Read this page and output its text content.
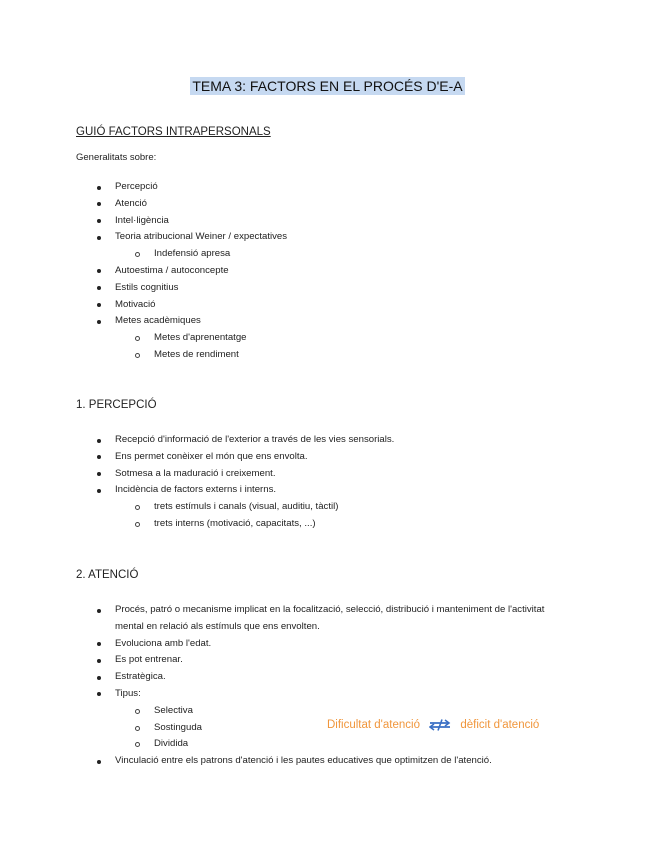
TEMA 3: FACTORS EN EL PROCÉS D'E-A
GUIÓ FACTORS INTRAPERSONALS
Generalitats sobre:
Percepció
Atenció
Intel·ligència
Teoria atribucional Weiner / expectatives
Indefensió apresa
Autoestima / autoconcepte
Estils cognitius
Motivació
Metes acadèmiques
Metes d'aprenentatge
Metes de rendiment
1. PERCEPCIÓ
Recepció d'informació de l'exterior a través de les vies sensorials.
Ens permet conèixer el món que ens envolta.
Sotmesa a la maduració i creixement.
Incidència de factors externs i interns.
trets estímuls i canals (visual, auditiu, tàctil)
trets interns (motivació, capacitats, ...)
2. ATENCIÓ
Procés, patró o mecanisme implicat en la focalització, selecció, distribució i manteniment de l'activitat mental en relació als estímuls que ens envolten.
Evoluciona amb l'edat.
Es pot entrenar.
Estratègica.
Tipus:
Selectiva
Sostinguda
Dividida
Vinculació entre els patrons d'atenció i les pautes educatives que optimitzen de l'atenció.
Dificultat d'atenció	dèficit d'atenció
